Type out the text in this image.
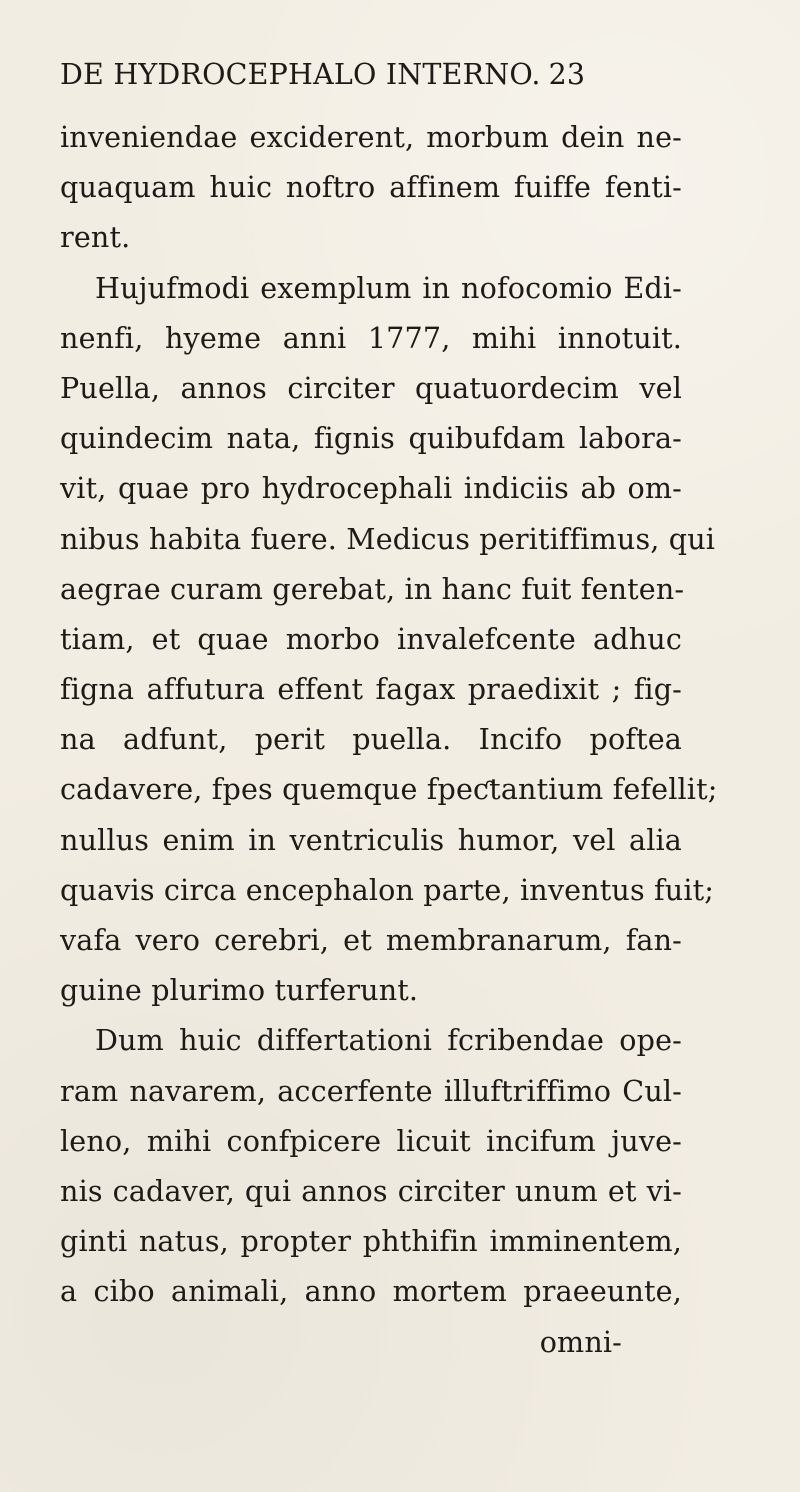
DE HYDROCEPHALO INTERNO. 23
inveniendae exciderent, morbum dein ne-
quaquam huic noftro affinem fuiffe fenti-
rent.
Hujufmodi exemplum in nofocomio Edi-
nenfi, hyeme anni 1777, mihi innotuit.
Puella, annos circiter quatuordecim vel
quindecim nata, fignis quibufdam labora-
vit, quae pro hydrocephali indiciis ab om-
nibus habita fuere. Medicus peritiffimus, qui
aegrae curam gerebat, in hanc fuit fenten-
tiam, et quae morbo invalefcente adhuc
figna affutura effent fagax praedixit ; fig-
na adfunt, perit puella. Incifo poftea
cadavere, fpes quemque fpeƈtantium fefellit;
nullus enim in ventriculis humor, vel alia
quavis circa encephalon parte, inventus fuit;
vafa vero cerebri, et membranarum, fan-
guine plurimo turferunt.
Dum huic differtationi fcribendae ope-
ram navarem, accerfente illuftriffimo Cul-
leno, mihi confpicere licuit incifum juve-
nis cadaver, qui annos circiter unum et vi-
ginti natus, propter phthifin imminentem,
a cibo animali, anno mortem praeeunte,
omni-
